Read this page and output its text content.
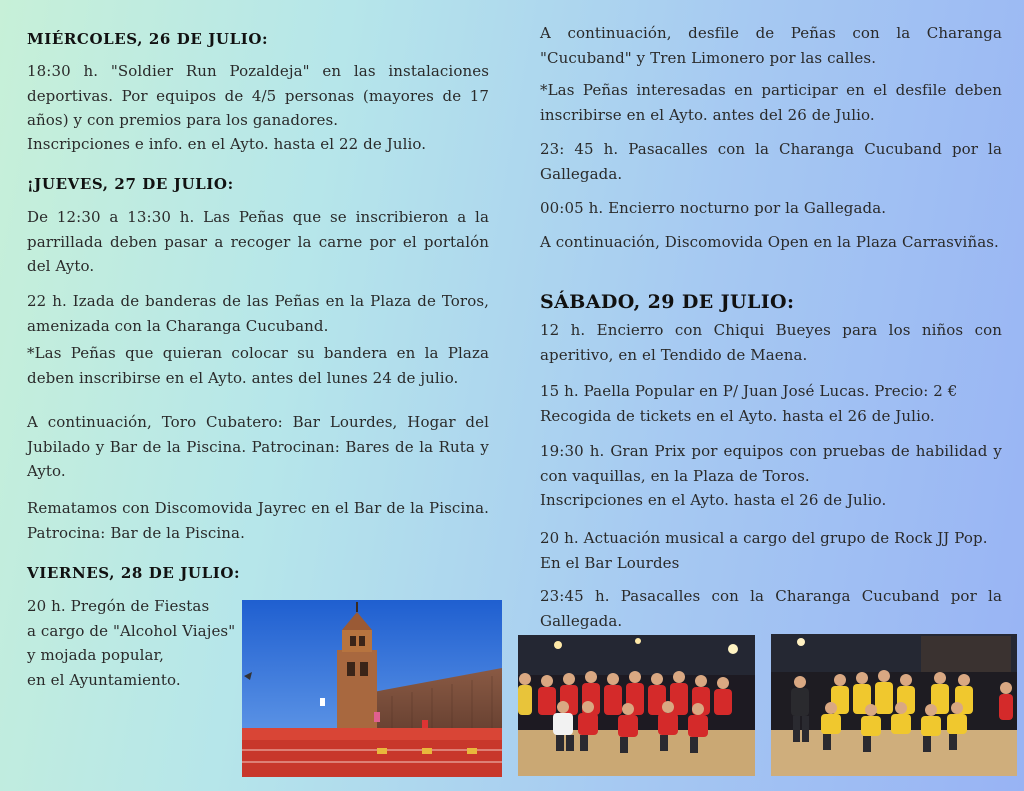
MIÉRCOLES, 26 DE JULIO:

18:30 h. "Soldier Run Pozaldeja" en las instalaciones deportivas. Por equipos de 4/5 personas (mayores de 17 años) y con premios para los ganadores.

Inscripciones e info. en el Ayto. hasta el 22 de Julio.

¡JUEVES, 27 DE JULIO:

De 12:30 a 13:30 h. Las Peñas que se inscribieron a la parrillada deben pasar a recoger la carne por el portalón del Ayto.

22 h. Izada de banderas de las Peñas en la Plaza de Toros, amenizada con la Charanga Cucuband.

*Las Peñas que quieran colocar su bandera en la Plaza deben inscribirse en el Ayto. antes del lunes 24 de julio.

A continuación, Toro Cubatero: Bar Lourdes, Hogar del Jubilado y Bar de la Piscina. Patrocinan: Bares de la Ruta y Ayto.

Rematamos con Discomovida Jayrec en el Bar de la Piscina. Patrocina: Bar de la Piscina.

VIERNES, 28 DE JULIO:

20 h. Pregón de Fiestas

a cargo de "Alcohol Viajes"

y mojada popular,

en el Ayuntamiento.

A continuación, desfile de Peñas con la Charanga "Cucuband" y Tren Limonero por las calles.

*Las Peñas interesadas en participar en el desfile deben inscribirse en el Ayto. antes del 26 de Julio.

23: 45 h. Pasacalles con la Charanga Cucuband por la Gallegada.

00:05 h. Encierro nocturno por la Gallegada.

A continuación, Discomovida Open en la Plaza Carrasviñas.

SÁBADO, 29 DE JULIO:

12 h. Encierro con Chiqui Bueyes para los niños con aperitivo, en el Tendido de Maena.

15 h. Paella Popular en P/ Juan José Lucas. Precio: 2 €

Recogida de tickets en el Ayto. hasta el 26 de Julio.

19:30 h. Gran Prix por equipos con pruebas de habilidad y con vaquillas, en la Plaza de Toros.

Inscripciones en el Ayto. hasta el 26 de Julio.

20 h. Actuación musical a cargo del grupo de Rock JJ Pop.

En el Bar Lourdes

23:45 h. Pasacalles con la Charanga Cucuband por la Gallegada.
